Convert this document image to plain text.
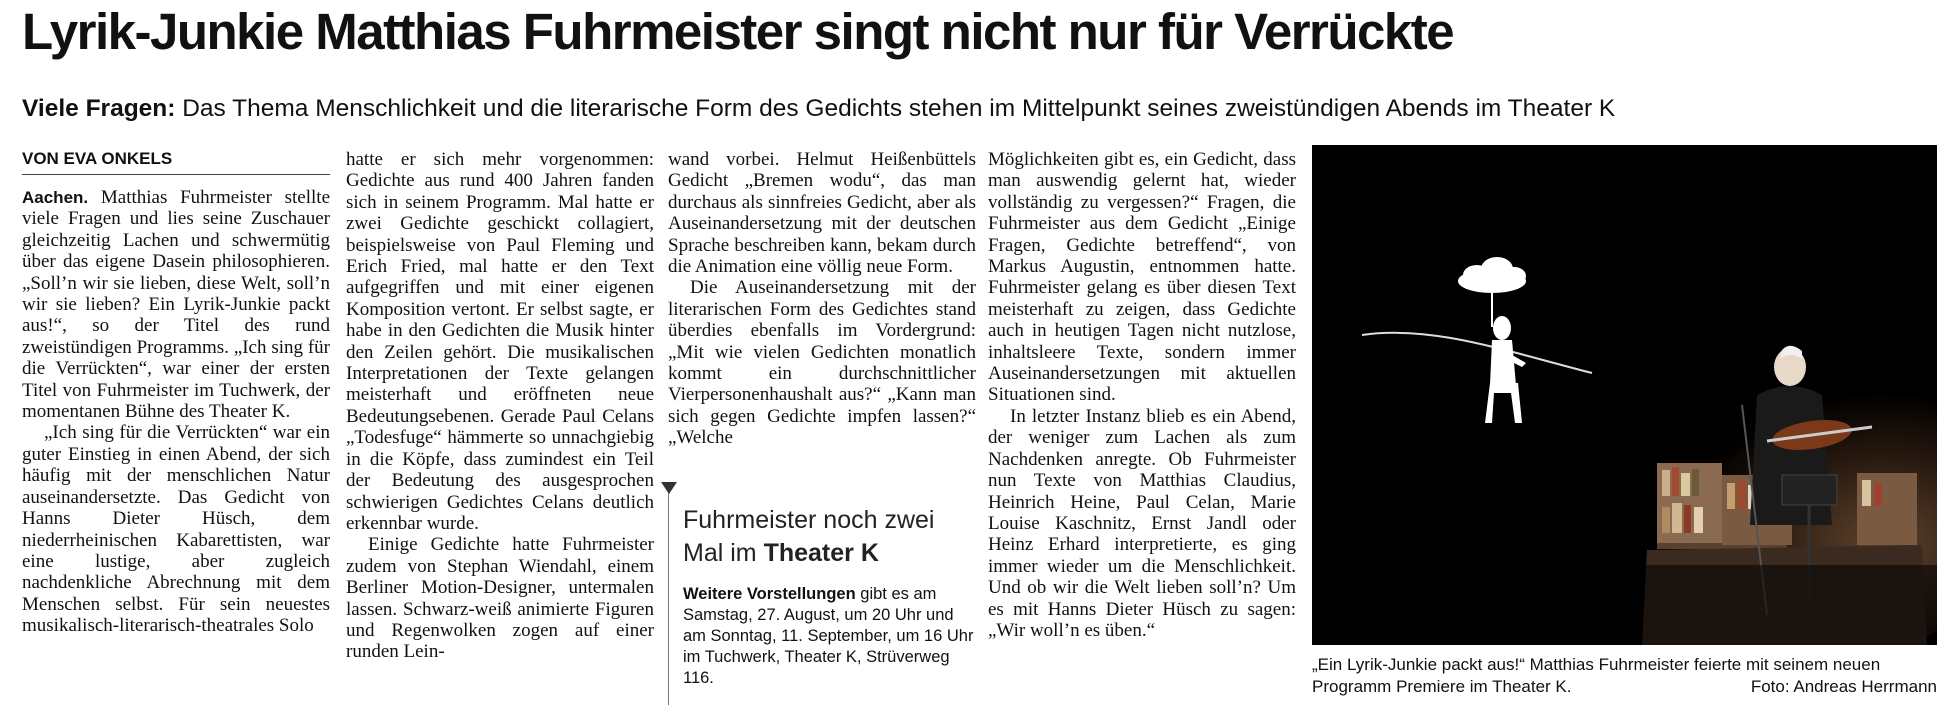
Lyrik-Junkie Matthias Fuhrmeister singt nicht nur für Verrückte
Viele Fragen: Das Thema Menschlichkeit und die literarische Form des Gedichts stehen im Mittelpunkt seines zweistündigen Abends im Theater K
VON EVA ONKELS

Aachen. Matthias Fuhrmeister stellte viele Fragen und lies seine Zuschauer gleichzeitig Lachen und schwermütig über das eigene Dasein philosophieren. „Soll’n wir sie lieben, diese Welt, soll’n wir sie lieben? Ein Lyrik-Junkie packt aus!“, so der Titel des rund zweistündigen Programms. „Ich sing für die Verrückten“, war einer der ersten Titel von Fuhrmeister im Tuchwerk, der momentanen Bühne des Theater K.

„Ich sing für die Verrückten“ war ein guter Einstieg in einen Abend, der sich häufig mit der menschlichen Natur auseinandersetzte. Das Gedicht von Hanns Dieter Hüsch, dem niederrheinischen Kabarettisten, war eine lustige, aber zugleich nachdenkliche Abrechnung mit dem Menschen selbst. Für sein neuestes musikalisch-literarisch-theatrales Solo

hatte er sich mehr vorgenommen: Gedichte aus rund 400 Jahren fanden sich in seinem Programm. Mal hatte er zwei Gedichte geschickt collagiert, beispielsweise von Paul Fleming und Erich Fried, mal hatte er den Text aufgegriffen und mit einer eigenen Komposition vertont. Er selbst sagte, er habe in den Gedichten die Musik hinter den Zeilen gehört. Die musikalischen Interpretationen der Texte gelangen meisterhaft und eröffneten neue Bedeutungsebenen. Gerade Paul Celans „Todesfuge“ hämmerte so unnachgiebig in die Köpfe, dass zumindest ein Teil der Bedeutung des ausgesprochen schwierigen Gedichtes Celans deutlich erkennbar wurde.

Einige Gedichte hatte Fuhrmeister zudem von Stephan Wiendahl, einem Berliner Motion-Designer, untermalen lassen. Schwarz-weiß animierte Figuren und Regenwolken zogen auf einer runden Lein-

wand vorbei. Helmut Heißenbüttels Gedicht „Bremen wodu“, das man durchaus als sinnfreies Gedicht, aber als Auseinandersetzung mit der deutschen Sprache beschreiben kann, bekam durch die Animation eine völlig neue Form.

Die Auseinandersetzung mit der literarischen Form des Gedichtes stand überdies ebenfalls im Vordergrund: „Mit wie vielen Gedichten monatlich kommt ein durchschnittlicher Vierpersonenhaushalt aus?“ „Kann man sich gegen Gedichte impfen lassen?“ „Welche

Fuhrmeister noch zwei
Mal im Theater K
Weitere Vorstellungen gibt es am Samstag, 27. August, um 20 Uhr und am Sonntag, 11. September, um 16 Uhr im Tuchwerk, Theater K, Strüverweg 116.

Möglichkeiten gibt es, ein Gedicht, dass man auswendig gelernt hat, wieder vollständig zu vergessen?“ Fragen, die Fuhrmeister aus dem Gedicht „Einige Fragen, Gedichte betreffend“, von Markus Augustin, entnommen hatte. Fuhrmeister gelang es über diesen Text meisterhaft zu zeigen, dass Gedichte auch in heutigen Tagen nicht nutzlose, inhaltsleere Texte, sondern immer Auseinandersetzungen mit aktuellen Situationen sind.

In letzter Instanz blieb es ein Abend, der weniger zum Lachen als zum Nachdenken anregte. Ob Fuhrmeister nun Texte von Matthias Claudius, Heinrich Heine, Paul Celan, Marie Louise Kaschnitz, Ernst Jandl oder Heinz Erhard interpretierte, es ging immer wieder um die Menschlichkeit. Und ob wir die Welt lieben soll’n? Um es mit Hanns Dieter Hüsch zu sagen: „Wir woll’n es üben.“

„Ein Lyrik-Junkie packt aus!“ Matthias Fuhrmeister feierte mit seinem neuen Programm Premiere im Theater K.	Foto: Andreas Herrmann
